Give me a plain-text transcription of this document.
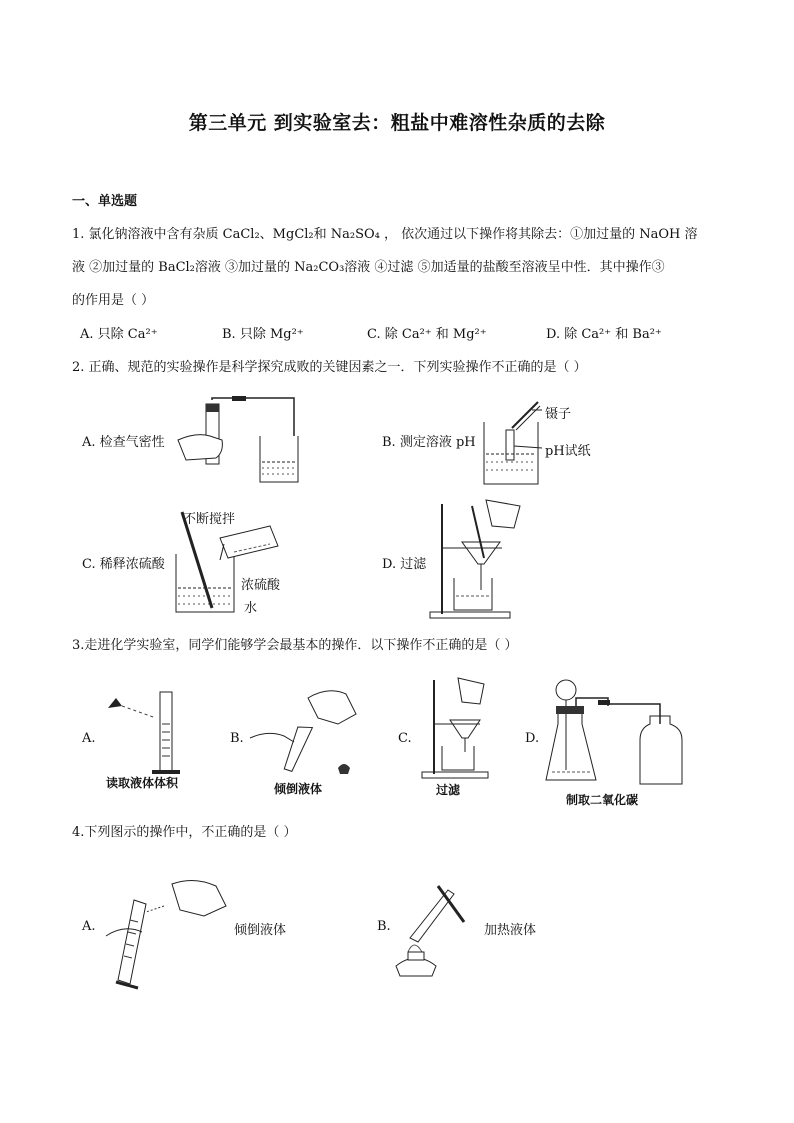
第三单元 到实验室去：粗盐中难溶性杂质的去除
一、单选题
1. 氯化钠溶液中含有杂质 CaCl₂、MgCl₂和 Na₂SO₄ ， 依次通过以下操作将其除去：①加过量的 NaOH 溶
液 ②加过量的 BaCl₂溶液 ③加过量的 Na₂CO₃溶液 ④过滤 ⑤加适量的盐酸至溶液呈中性．其中操作③
的作用是（ ）
A. 只除 Ca²⁺	B. 只除 Mg²⁺	C. 除 Ca²⁺ 和 Mg²⁺	D. 除 Ca²⁺ 和 Ba²⁺
2. 正确、规范的实验操作是科学探究成败的关键因素之一．下列实验操作不正确的是（ ）
A. 检查气密性	B. 测定溶液 pH
镊子
pH试纸
C. 稀释浓硫酸
不断搅拌
浓硫酸
水
D. 过滤
3.走进化学实验室，同学们能够学会最基本的操作．以下操作不正确的是（ ）
A.
读取液体体积
B.
倾倒液体
C.
过滤
D.
制取二氧化碳
4.下列图示的操作中，不正确的是（ ）
A.	倾倒液体	B.	加热液体
